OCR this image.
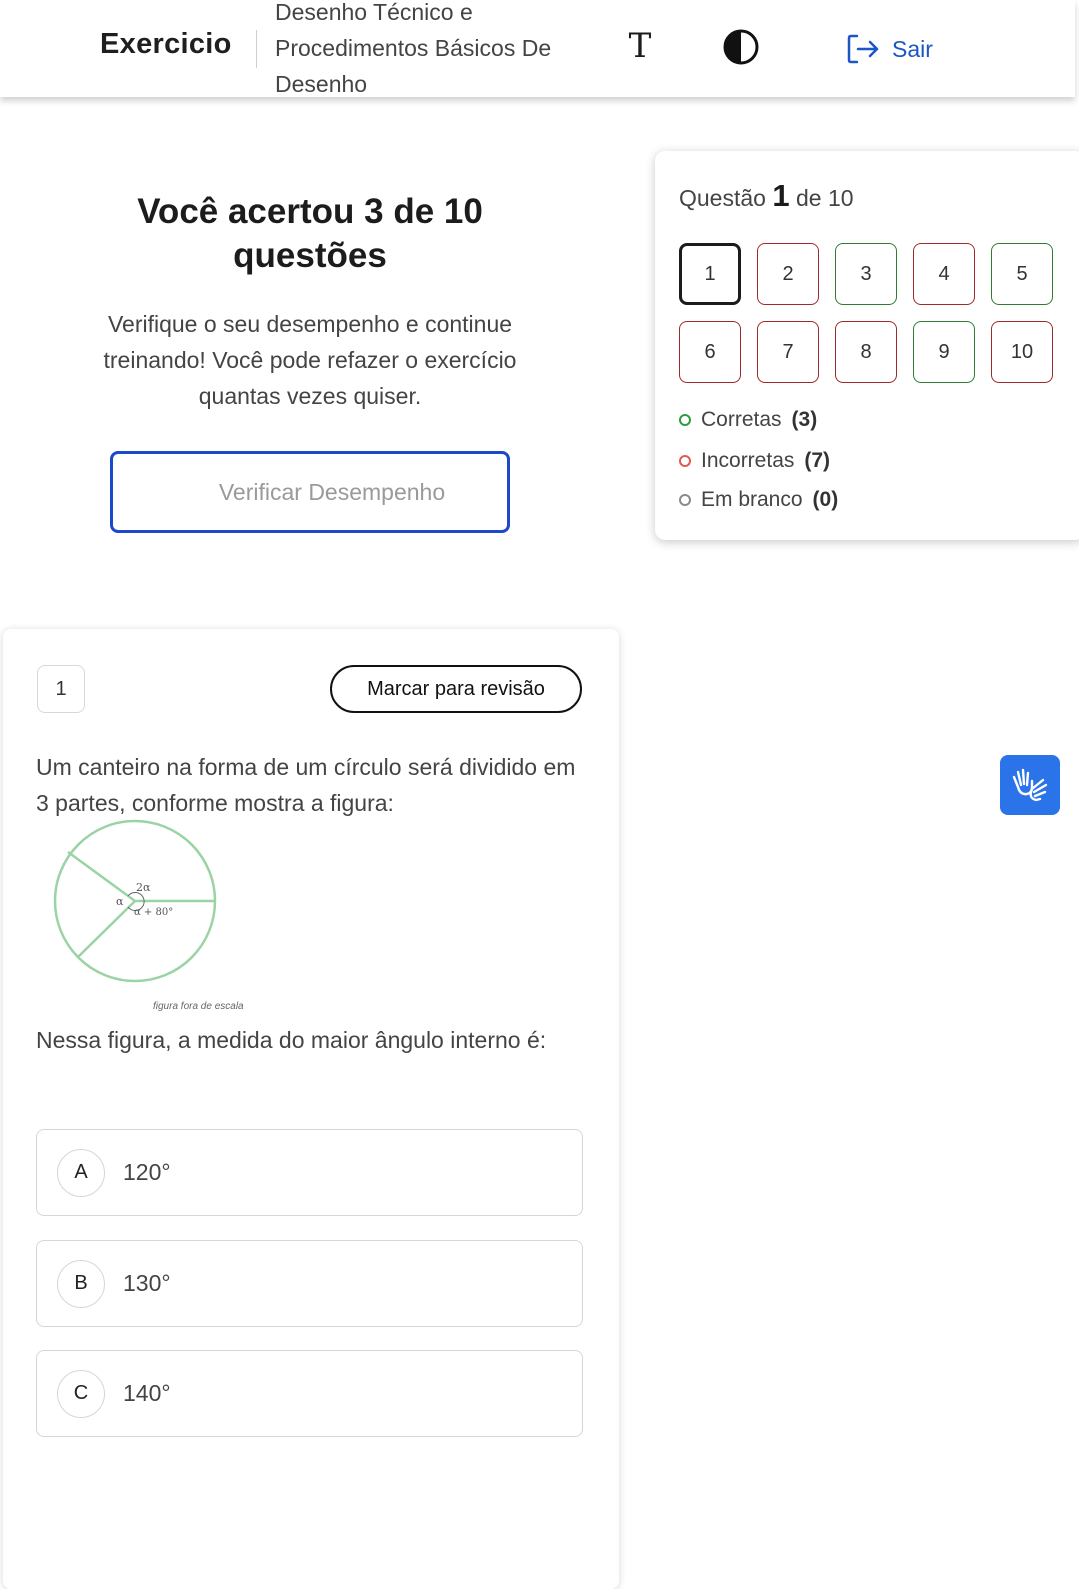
Exercicio
Desenho Técnico e Procedimentos Básicos De Desenho
T	Sair
Você acertou 3 de 10 questões
Verifique o seu desempenho e continue treinando! Você pode refazer o exercício quantas vezes quiser.
Verificar Desempenho
Questão 1 de 10
1	2	3	4	5
6	7	8	9	10
Corretas (3)
Incorretas (7)
Em branco (0)
1	Marcar para revisão
Um canteiro na forma de um círculo será dividido em 3 partes, conforme mostra a figura:
2α
α
α + 80°
figura fora de escala
Nessa figura, a medida do maior ângulo interno é:
A	120°
B	130°
C	140°
